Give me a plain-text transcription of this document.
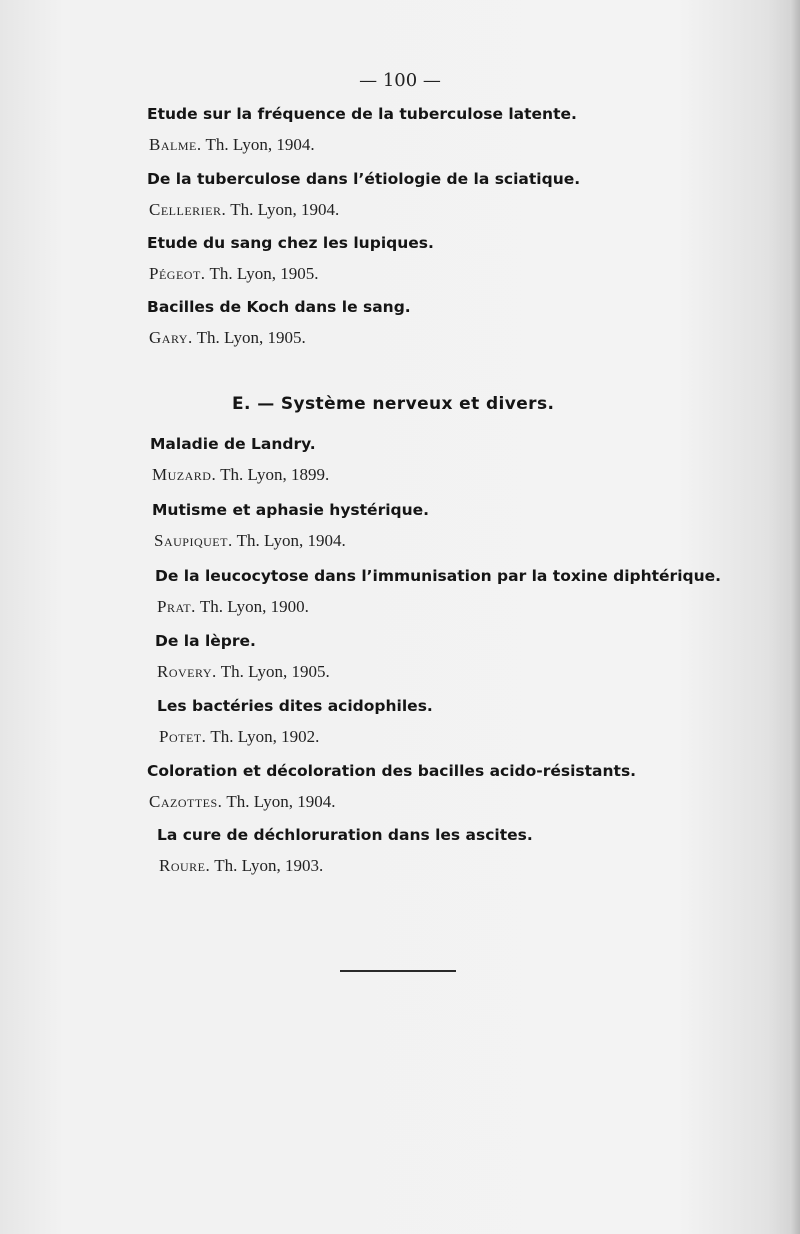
— 100 —
Etude sur la fréquence de la tuberculose latente.
Balme. Th. Lyon, 1904.
De la tuberculose dans l’étiologie de la sciatique.
Cellerier. Th. Lyon, 1904.
Etude du sang chez les lupiques.
Pégeot. Th. Lyon, 1905.
Bacilles de Koch dans le sang.
Gary. Th. Lyon, 1905.
E. — Système nerveux et divers.
Maladie de Landry.
Muzard. Th. Lyon, 1899.
Mutisme et aphasie hystérique.
Saupiquet. Th. Lyon, 1904.
De la leucocytose dans l’immunisation par la toxine diphtérique.
Prat. Th. Lyon, 1900.
De la lèpre.
Rovery. Th. Lyon, 1905.
Les bactéries dites acidophiles.
Potet. Th. Lyon, 1902.
Coloration et décoloration des bacilles acido-résistants.
Cazottes. Th. Lyon, 1904.
La cure de déchloruration dans les ascites.
Roure. Th. Lyon, 1903.
